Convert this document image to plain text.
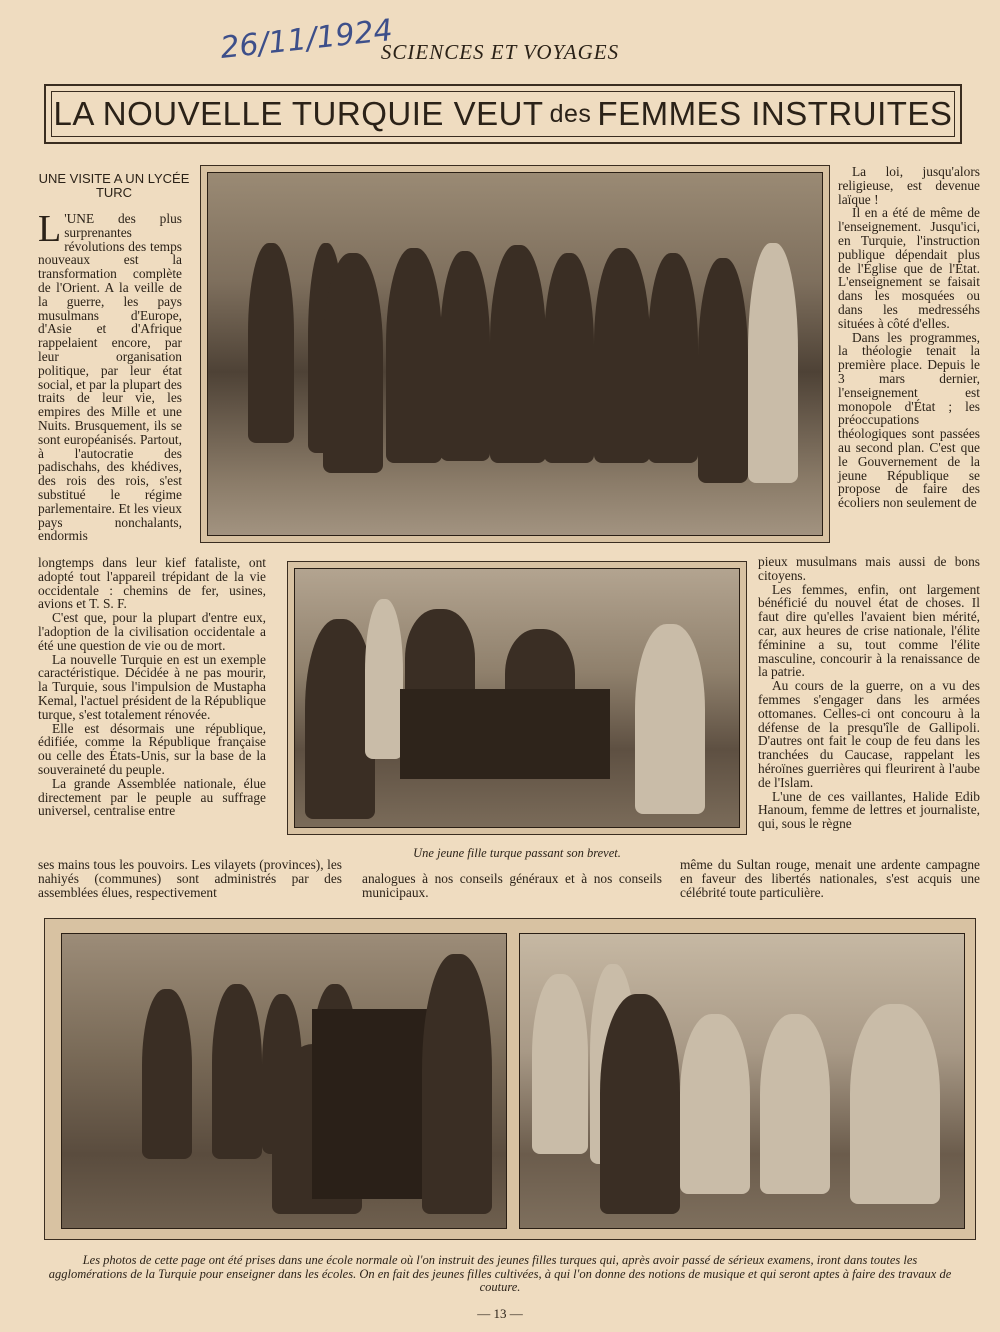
26/11/1924
SCIENCES ET VOYAGES
LA NOUVELLE TURQUIE VEUT des FEMMES INSTRUITES
UNE VISITE A UN LYCÉE TURC

L 'UNE des plus surprenantes révolutions des temps nouveaux est la transformation complète de l'Orient. A la veille de la guerre, les pays musulmans d'Europe, d'Asie et d'Afrique rappelaient encore, par leur organisation politique, par leur état social, et par la plupart des traits de leur vie, les empires des Mille et une Nuits. Brusquement, ils se sont européanisés. Partout, à l'autocratie des padischahs, des khédives, des rois des rois, s'est substitué le régime parlementaire. Et les vieux pays nonchalants, endormis

longtemps dans leur kief fataliste, ont adopté tout l'appareil trépidant de la vie occidentale : chemins de fer, usines, avions et T. S. F.

C'est que, pour la plupart d'entre eux, l'adoption de la civilisation occidentale a été une question de vie ou de mort.

La nouvelle Turquie en est un exemple caractéristique. Décidée à ne pas mourir, la Turquie, sous l'impulsion de Mustapha Kemal, l'actuel président de la République turque, s'est totalement rénovée.

Elle est désormais une république, édifiée, comme la République française ou celle des États-Unis, sur la base de la souveraineté du peuple.

La grande Assemblée nationale, élue directement par le peuple au suffrage universel, centralise entre

ses mains tous les pouvoirs. Les vilayets (provinces), les nahiyés (communes) sont administrés par des assemblées élues, respectivement

analogues à nos conseils généraux et à nos conseils municipaux.

La loi, jusqu'alors religieuse, est devenue laïque !

Il en a été de même de l'enseignement. Jusqu'ici, en Turquie, l'instruction publique dépendait plus de l'Église que de l'État. L'enseignement se faisait dans les mosquées ou dans les medresséhs situées à côté d'elles.

Dans les programmes, la théologie tenait la première place. Depuis le 3 mars dernier, l'enseignement est monopole d'État ; les préoccupations théologiques sont passées au second plan. C'est que le Gouvernement de la jeune République se propose de faire des écoliers non seulement de

pieux musulmans mais aussi de bons citoyens.

Les femmes, enfin, ont largement bénéficié du nouvel état de choses. Il faut dire qu'elles l'avaient bien mérité, car, aux heures de crise nationale, l'élite féminine a su, tout comme l'élite masculine, concourir à la renaissance de la patrie.

Au cours de la guerre, on a vu des femmes s'engager dans les armées ottomanes. Celles-ci ont concouru à la défense de la presqu'île de Gallipoli. D'autres ont fait le coup de feu dans les tranchées du Caucase, rappelant les héroïnes guerrières qui fleurirent à l'aube de l'Islam.

L'une de ces vaillantes, Halide Edib Hanoum, femme de lettres et journaliste, qui, sous le règne

même du Sultan rouge, menait une ardente campagne en faveur des libertés nationales, s'est acquis une célébrité toute particulière.

Une jeune fille turque passant son brevet.
Les photos de cette page ont été prises dans une école normale où l'on instruit des jeunes filles turques qui, après avoir passé de sérieux examens, iront dans toutes les agglomérations de la Turquie pour enseigner dans les écoles. On en fait des jeunes filles cultivées, à qui l'on donne des notions de musique et qui seront aptes à faire des travaux de couture.
— 13 —
